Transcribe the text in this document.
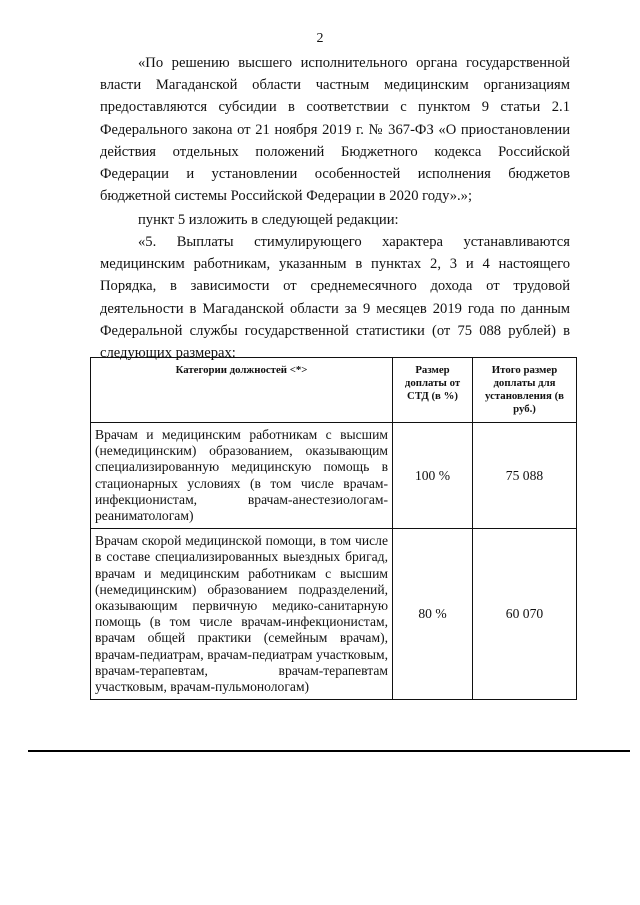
2

«По решению высшего исполнительного органа государственной власти Магаданской области частным медицинским организациям предоставляются субсидии в соответствии с пунктом 9 статьи 2.1 Федерального закона от 21 ноября 2019 г. № 367-ФЗ «О приостановлении действия отдельных положений Бюджетного кодекса Российской Федерации и установлении особенностей исполнения бюджетов бюджетной системы Российской Федерации в 2020 году».»;

пункт 5 изложить в следующей редакции:

«5. Выплаты стимулирующего характера устанавливаются медицинским работникам, указанным в пунктах 2, 3 и 4 настоящего Порядка, в зависимости от среднемесячного дохода от трудовой деятельности в Магаданской области за 9 месяцев 2019 года по данным Федеральной службы государственной статистики (от 75 088 рублей) в следующих размерах:

Категории должностей <*>	Размер доплаты от СТД (в %)	Итого размер доплаты для установления (в руб.)
Врачам и медицинским работникам с высшим (немедицинским) образованием, оказывающим специализированную медицинскую помощь в стационарных условиях (в том числе врачам-инфекционистам, врачам-анестезиологам-реаниматологам)	100 %	75 088
Врачам скорой медицинской помощи, в том числе в составе специализированных выездных бригад, врачам и медицинским работникам с высшим (немедицинским) образованием подразделений, оказывающим первичную медико-санитарную помощь (в том числе врачам-инфекционистам, врачам общей практики (семейным врачам), врачам-педиатрам, врачам-педиатрам участковым, врачам-терапевтам, врачам-терапевтам участковым, врачам-пульмонологам)	80 %	60 070
